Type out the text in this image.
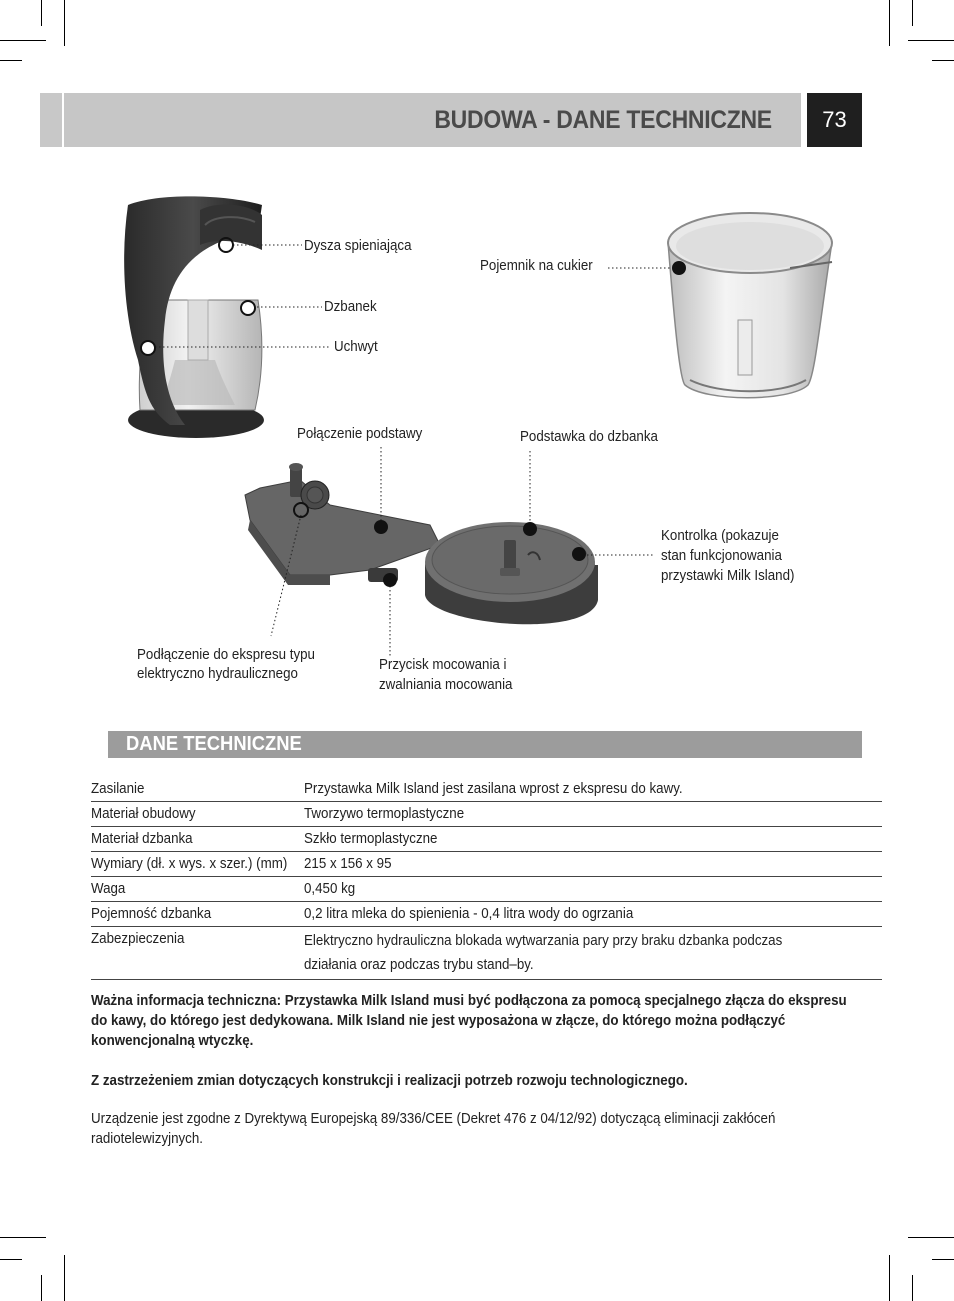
BUDOWA - DANE TECHNICZNE	73
Dysza spieniająca
Dzbanek
Uchwyt
Pojemnik na cukier
Połączenie podstawy	Podstawka do dzbanka
Kontrolka (pokazuje
stan funkcjonowania
przystawki Milk Island)
Podłączenie do ekspresu typu
elektryczno hydraulicznego
Przycisk mocowania i
zwalniania mocowania
DANE TECHNICZNE
Zasilanie	Przystawka Milk Island jest zasilana wprost z ekspresu do kawy.
Materiał obudowy	Tworzywo termoplastyczne
Materiał dzbanka	Szkło termoplastyczne
Wymiary (dł. x wys. x szer.) (mm)	215 x 156 x 95
Waga	0,450 kg
Pojemność dzbanka	0,2 litra mleka do spienienia - 0,4 litra wody do ogrzania
Zabezpieczenia	Elektryczno hydrauliczna blokada wytwarzania pary przy braku dzbanka podczas działania oraz podczas trybu stand–by.
Ważna informacja techniczna: Przystawka Milk Island musi być podłączona za pomocą specjalnego złącza do ekspresu do kawy, do którego jest dedykowana. Milk Island nie jest wyposażona w złącze, do którego można podłączyć konwencjonalną wtyczkę.
Z zastrzeżeniem zmian dotyczących konstrukcji i realizacji potrzeb rozwoju technologicznego.
Urządzenie jest zgodne z Dyrektywą Europejską 89/336/CEE (Dekret 476 z 04/12/92) dotyczącą eliminacji zakłóceń radiotelewizyjnych.
